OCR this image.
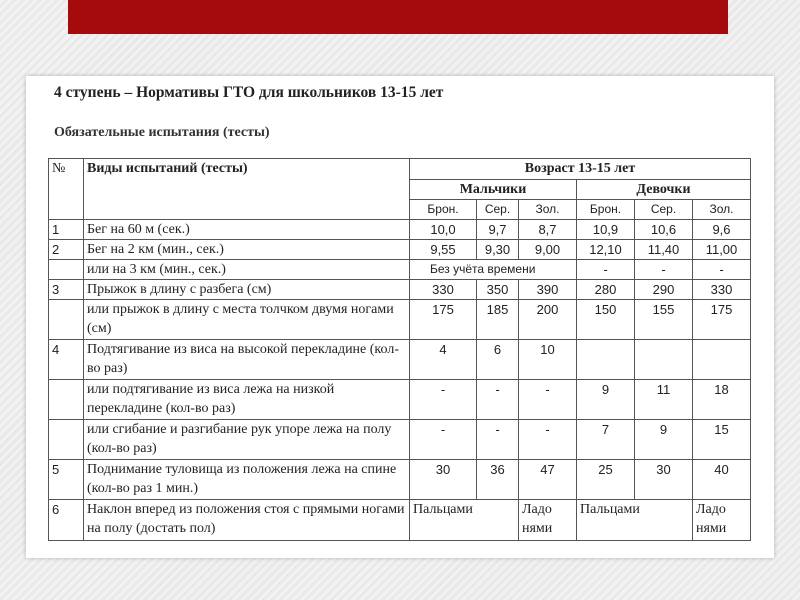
4 ступень – Нормативы ГТО для школьников 13-15 лет
Обязательные испытания (тесты)
№	Виды испытаний (тесты)	Возраст 13-15 лет					
		Мальчики			Девочки		
		Брон.	Сер.	Зол.	Брон.	Сер.	Зол.
1	Бег на 60 м (сек.)	10,0	9,7	8,7	10,9	10,6	9,6
2	Бег на 2 км (мин., сек.)	9,55	9,30	9,00	12,10	11,40	11,00
	или на 3 км (мин., сек.)	Без учёта времени			-	-	-
3	Прыжок в длину с разбега (см)	330	350	390	280	290	330
	или прыжок в длину с места толчком двумя ногами (см)	175	185	200	150	155	175
4	Подтягивание из виса на высокой перекладине (кол-во раз)	4	6	10			
	или подтягивание из виса лежа на низкой перекладине (кол-во раз)	-	-	-	9	11	18
	или сгибание и разгибание рук упоре лежа на полу (кол-во раз)	-	-	-	7	9	15
5	Поднимание туловища из положения лежа на спине (кол-во раз 1 мин.)	30	36	47	25	30	40
6	Наклон вперед из положения стоя с прямыми ногами на полу (достать пол)	Пальцами		Ладо нями	Пальцами		Ладо нями
